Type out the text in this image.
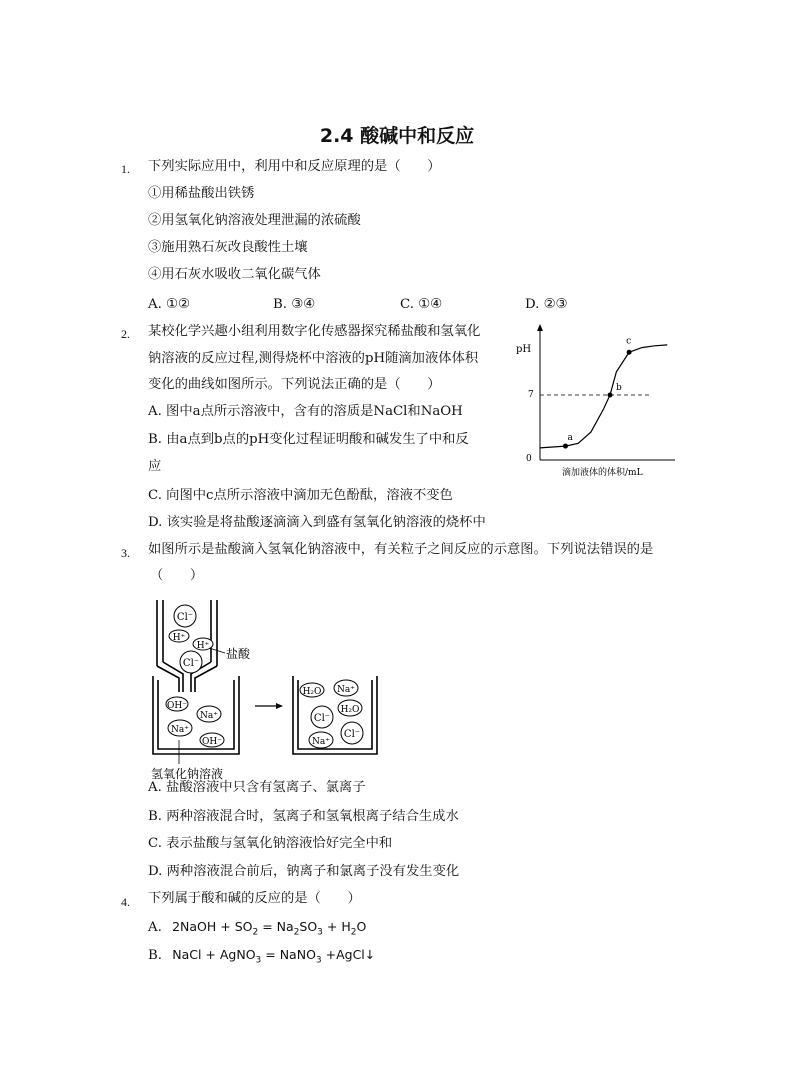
2.4 酸碱中和反应
1. 下列实际应用中，利用中和反应原理的是（　　）
①用稀盐酸出铁锈
②用氢氧化钠溶液处理泄漏的浓硫酸
③施用熟石灰改良酸性土壤
④用石灰水吸收二氧化碳气体
A. ①②	B. ③④	C. ①④	D. ②③
2. 某校化学兴趣小组利用数字化传感器探究稀盐酸和氢氧化
钠溶液的反应过程,测得烧杯中溶液的pH随滴加液体体积
变化的曲线如图所示。下列说法正确的是（　　）
A. 图中a点所示溶液中，含有的溶质是NaCl和NaOH
B. 由a点到b点的pH变化过程证明酸和碱发生了中和反
应
C. 向图中c点所示溶液中滴加无色酚酞，溶液不变色
D. 该实验是将盐酸逐滴滴入到盛有氢氧化钠溶液的烧杯中
pH
0
7
滴加液体的体积/mL
a
b
c
3. 如图所示是盐酸滴入氢氧化钠溶液中，有关粒子之间反应的示意图。下列说法错误的是
（　　）
Cl⁻
H⁺
H⁺
Cl⁻
盐酸
OH⁻
Na⁺
Na⁺
OH⁻
氢氧化钠溶液
H₂O Na⁺
H₂O
Cl⁻
Na⁺
Cl⁻
A. 盐酸溶液中只含有氢离子、氯离子
B. 两种溶液混合时，氢离子和氢氧根离子结合生成水
C. 表示盐酸与氢氧化钠溶液恰好完全中和
D. 两种溶液混合前后，钠离子和氯离子没有发生变化
4. 下列属于酸和碱的反应的是（　　）
A. 2NaOH + $SO_2 = Na_2SO_3 + H_2O$
B. NaCl + AgNO$_3$ = NaNO$_3$ +AgCl↓
